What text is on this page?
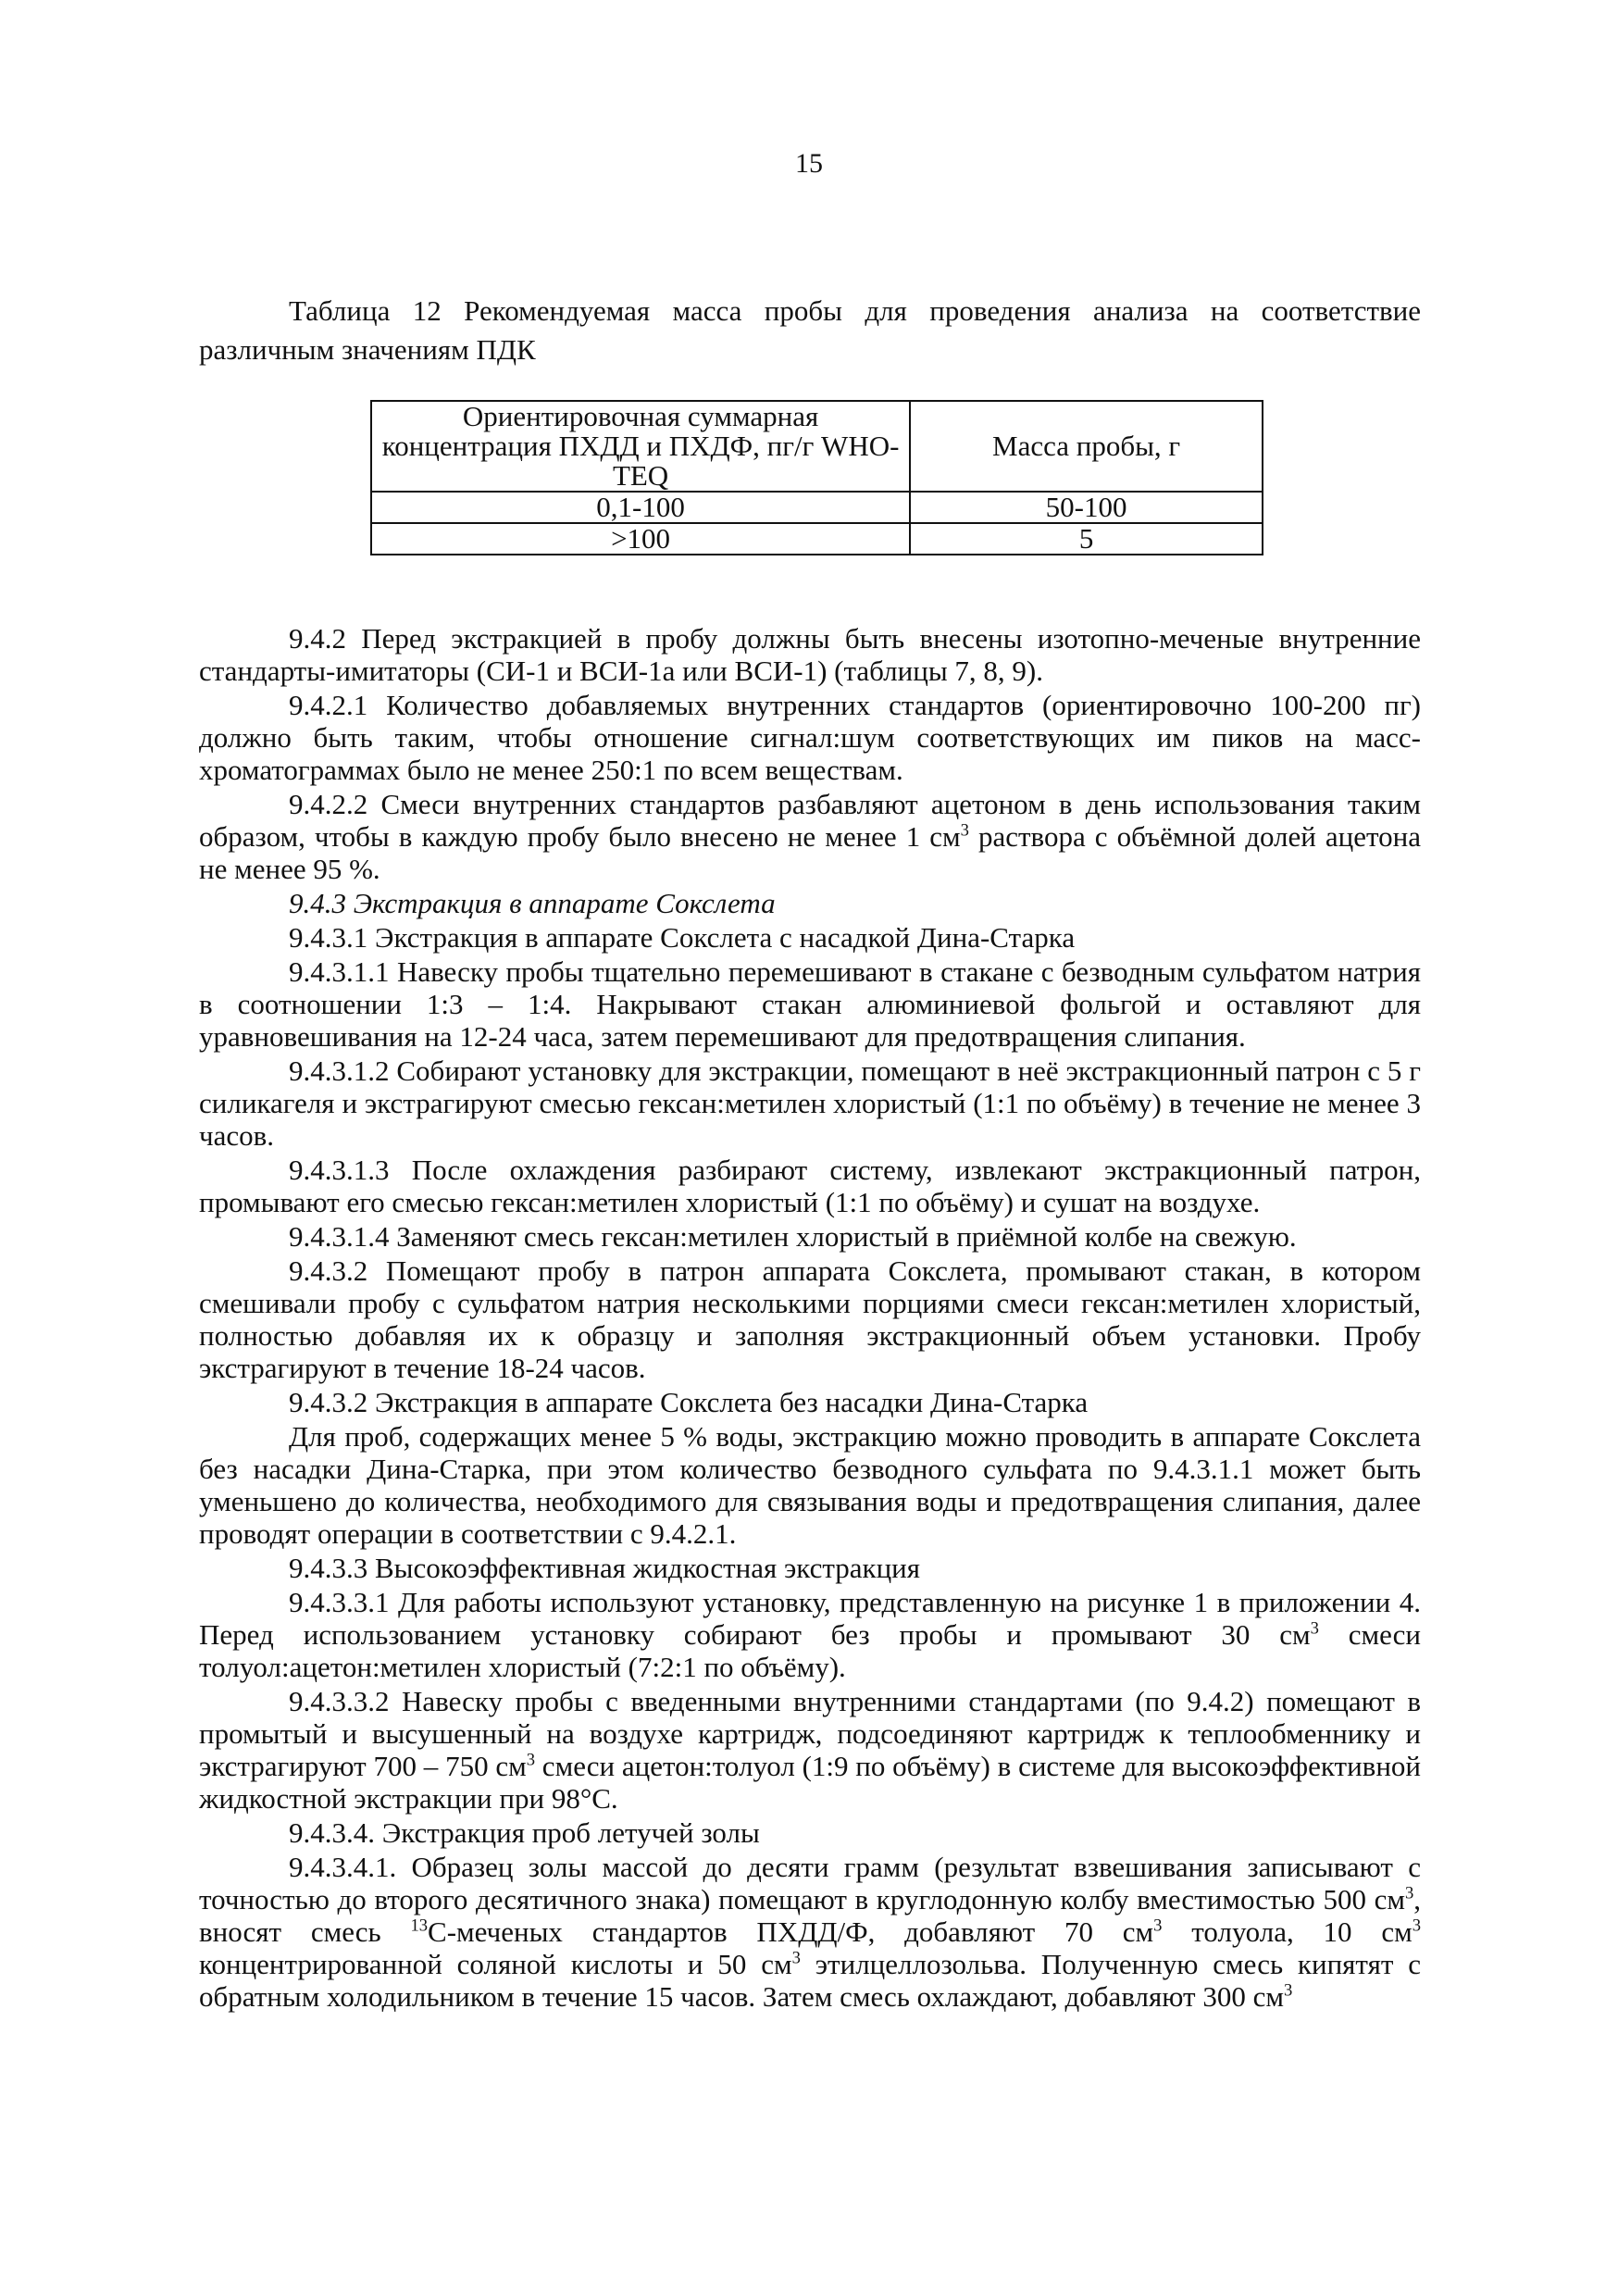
15
Таблица 12 Рекомендуемая масса пробы для проведения анализа на соответствие различным значениям ПДК
Ориентировочная суммарная концентрация ПХДД и ПХДФ, пг/г WHO-TEQ	Масса пробы, г
0,1-100	50-100
>100	5

9.4.2 Перед экстракцией в пробу должны быть внесены изотопно-меченые внутренние стандарты-имитаторы (СИ-1 и ВСИ-1а или ВСИ-1) (таблицы 7, 8, 9).

9.4.2.1 Количество добавляемых внутренних стандартов (ориентировочно 100-200 пг) должно быть таким, чтобы отношение сигнал:шум соответствующих им пиков на масс-хроматограммах было не менее 250:1 по всем веществам.

9.4.2.2 Смеси внутренних стандартов разбавляют ацетоном в день использования таким образом, чтобы в каждую пробу было внесено не менее 1 $см^3$ раствора с объёмной долей ацетона не менее 95 %.

9.4.3 Экстракция в аппарате Сокслета

9.4.3.1 Экстракция в аппарате Сокслета с насадкой Дина-Старка

9.4.3.1.1 Навеску пробы тщательно перемешивают в стакане с безводным сульфатом натрия в соотношении 1:3 – 1:4. Накрывают стакан алюминиевой фольгой и оставляют для уравновешивания на 12-24 часа, затем перемешивают для предотвращения слипания.

9.4.3.1.2 Собирают установку для экстракции, помещают в неё экстракционный патрон с 5 г силикагеля и экстрагируют смесью гексан:метилен хлористый (1:1 по объёму) в течение не менее 3 часов.

9.4.3.1.3 После охлаждения разбирают систему, извлекают экстракционный патрон, промывают его смесью гексан:метилен хлористый (1:1 по объёму) и сушат на воздухе.

9.4.3.1.4 Заменяют смесь гексан:метилен хлористый в приёмной колбе на свежую.

9.4.3.2 Помещают пробу в патрон аппарата Сокслета, промывают стакан, в котором смешивали пробу с сульфатом натрия несколькими порциями смеси гексан:метилен хлористый, полностью добавляя их к образцу и заполняя экстракционный объем установки. Пробу экстрагируют в течение 18-24 часов.

9.4.3.2 Экстракция в аппарате Сокслета без насадки Дина-Старка

Для проб, содержащих менее 5 % воды, экстракцию можно проводить в аппарате Сокслета без насадки Дина-Старка, при этом количество безводного сульфата по 9.4.3.1.1 может быть уменьшено до количества, необходимого для связывания воды и предотвращения слипания, далее проводят операции в соответствии с 9.4.2.1.

9.4.3.3 Высокоэффективная жидкостная экстракция

9.4.3.3.1 Для работы используют установку, представленную на рисунке 1 в приложении 4. Перед использованием установку собирают без пробы и промывают 30 $см^3$ смеси толуол:ацетон:метилен хлористый (7:2:1 по объёму).

9.4.3.3.2 Навеску пробы с введенными внутренними стандартами (по 9.4.2) помещают в промытый и высушенный на воздухе картридж, подсоединяют картридж к теплообменнику и экстрагируют 700 – 750 $см^3$ смеси ацетон:толуол (1:9 по объёму) в системе для высокоэффективной жидкостной экстракции при 98°С.

9.4.3.4. Экстракция проб летучей золы

9.4.3.4.1. Образец золы массой до десяти грамм (результат взвешивания записывают с точностью до второго десятичного знака) помещают в круглодонную колбу вместимостью 500 $см^3$, вносят смесь $^{13}$С-меченых стандартов ПХДД/Ф, добавляют 70 $см^3$ толуола, 10 $см^3$ концентрированной соляной кислоты и 50 $см^3$ этилцеллозольва. Полученную смесь кипятят с обратным холодильником в течение 15 часов. Затем смесь охлаждают, добавляют 300 $см^3$
